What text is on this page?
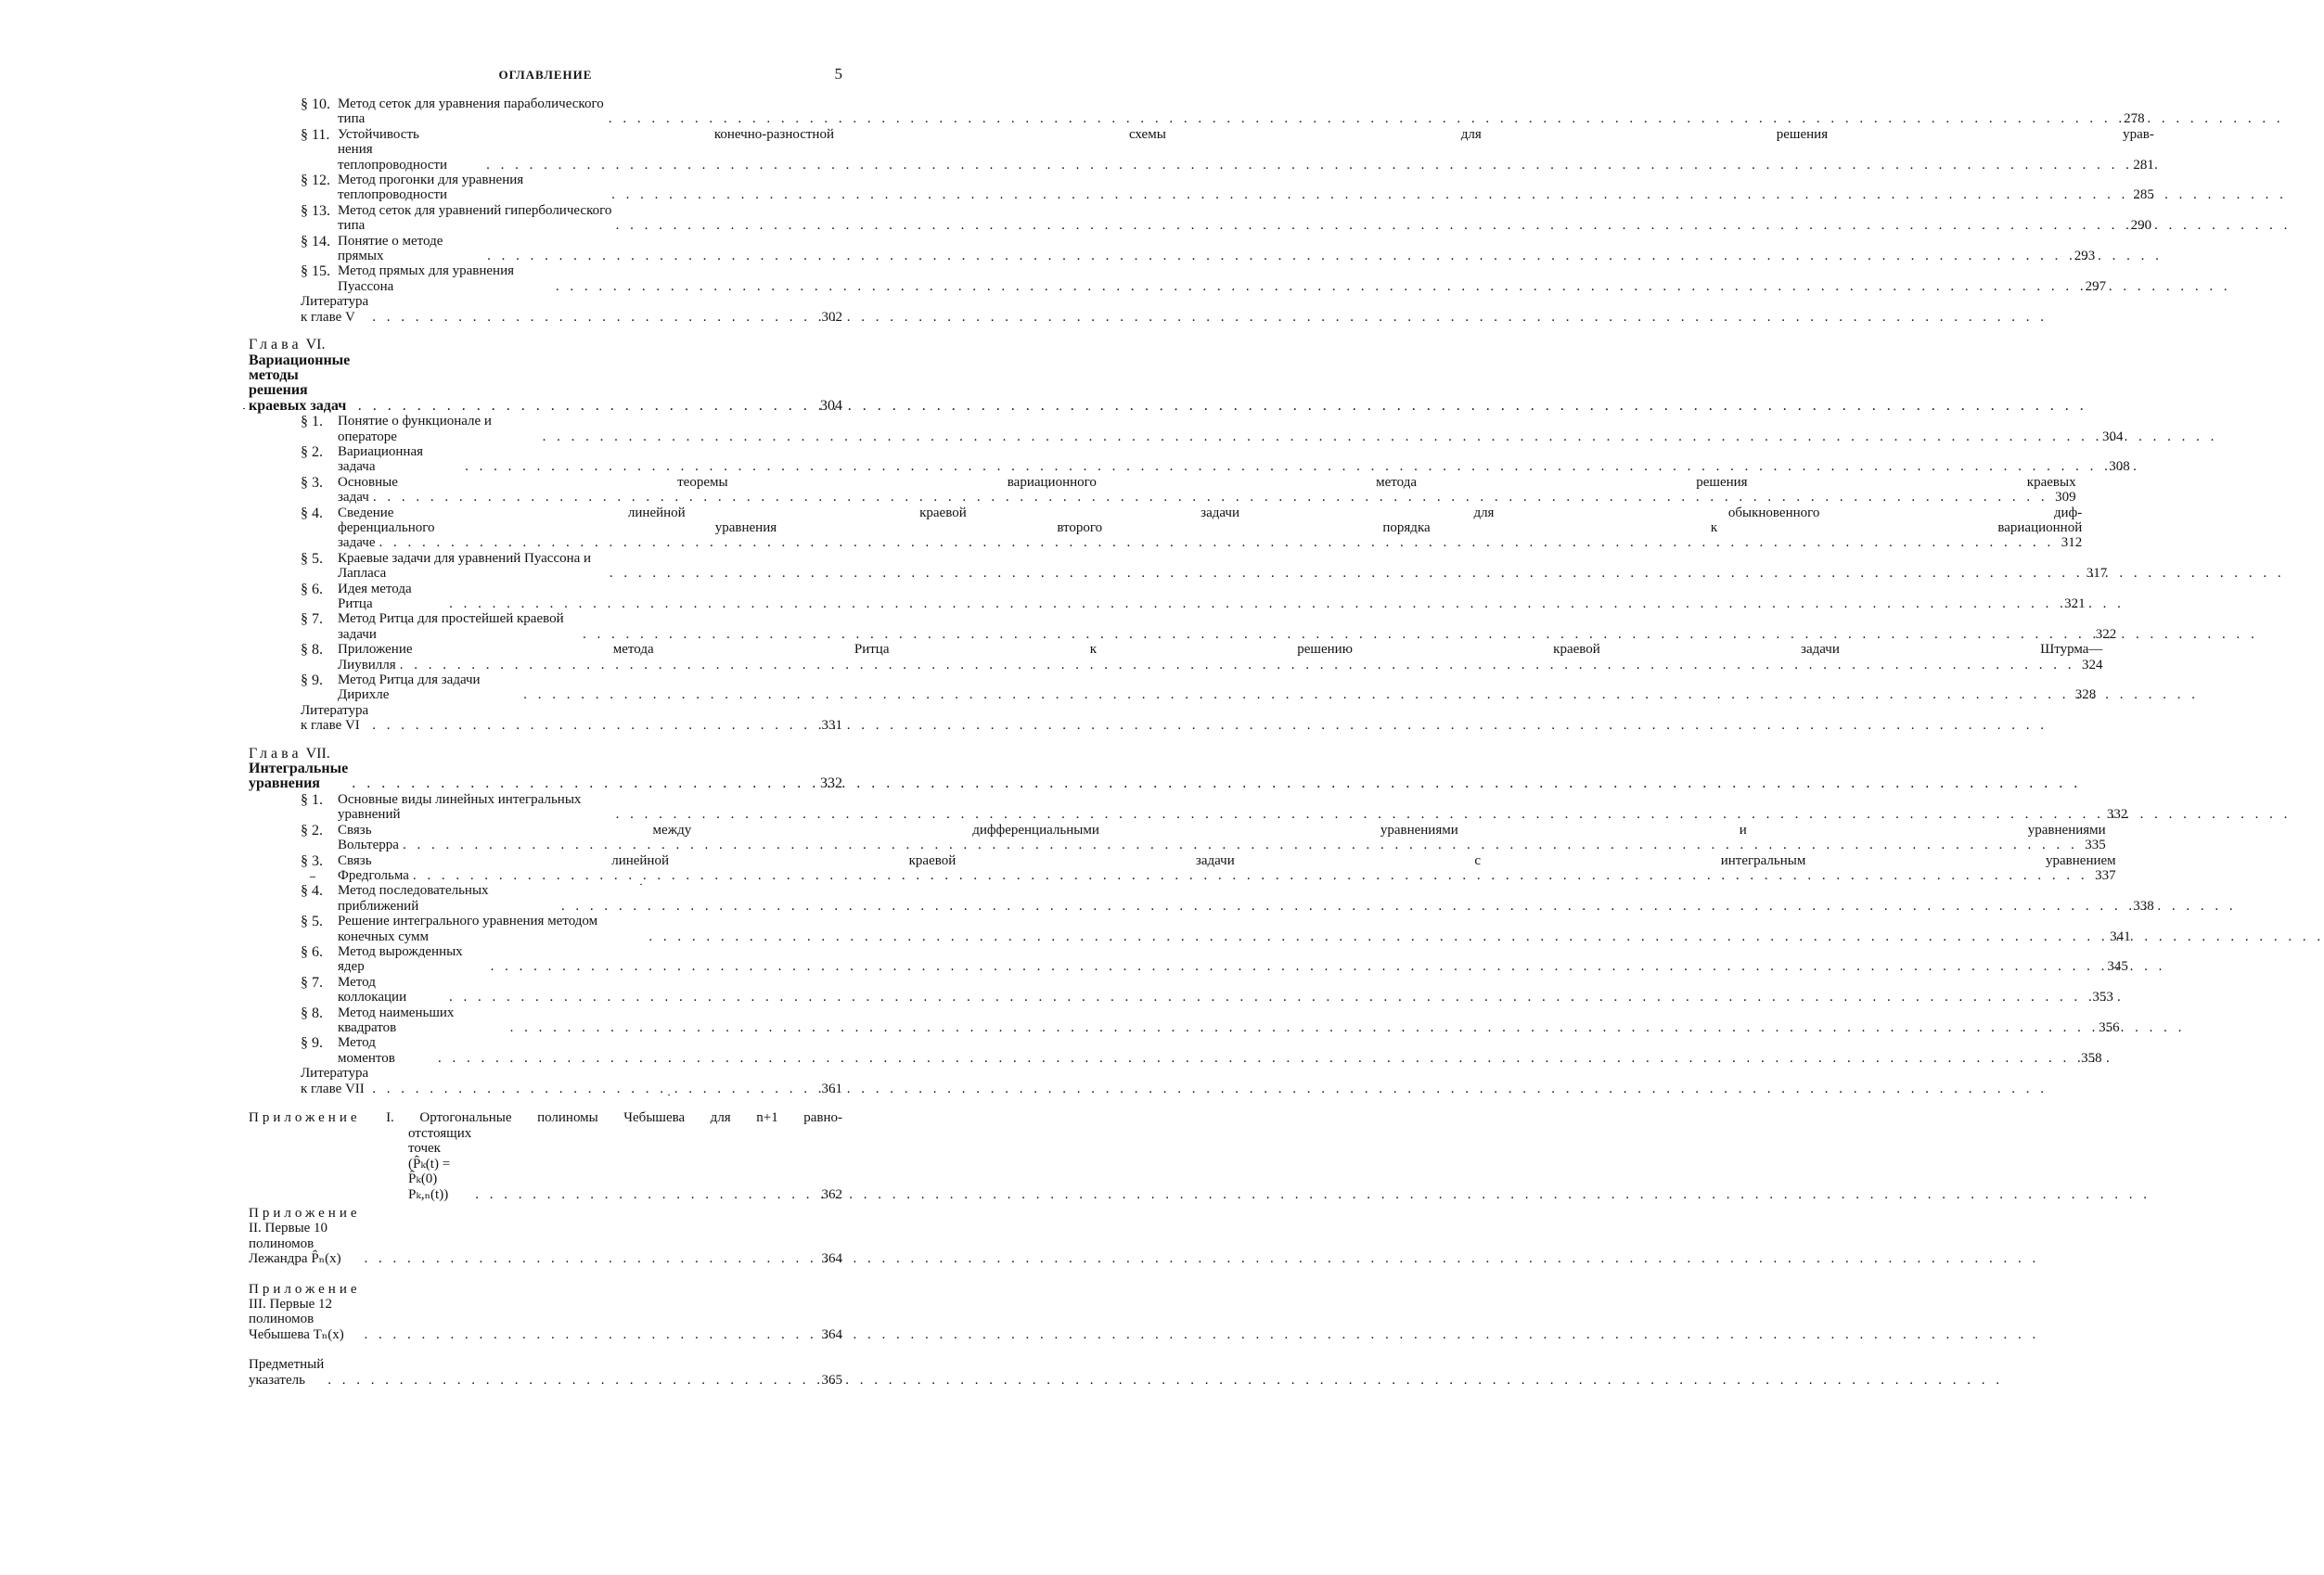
ОГЛАВЛЕНИЕ	5
§ 10. Метод сеток для уравнения параболического типа . . .	278
§ 11. Устойчивость конечно-разностной схемы для решения урав-
нения теплопроводности . . .	281
§ 12. Метод прогонки для уравнения теплопроводности . . .	285
§ 13. Метод сеток для уравнений гиперболического типа . . .	290
§ 14. Понятие о методе прямых . . .	293
§ 15. Метод прямых для уравнения Пуассона . . .	297
Литература к главе V . . .	302
Глава VI. Вариационные методы решения краевых задач . . .	304
§ 1.	Понятие о функционале и операторе . . .	304
§ 2.	Вариационная задача . . .	308
§ 3.	Основные теоремы вариационного метода решения краевых
задач . . .	309
§ 4.	Сведение линейной краевой задачи для обыкновенного диф-
ференциального уравнения второго порядка к вариационной
задаче . . .	312
§ 5.	Краевые задачи для уравнений Пуассона и Лапласа . . .	317
§ 6.	Идея метода Ритца . . .	321
§ 7.	Метод Ритца для простейшей краевой задачи . . .	322
§ 8.	Приложение метода Ритца к решению краевой задачи Штурма—
Лиувилля . . .	324
§ 9.	Метод Ритца для задачи Дирихле . . .	328
Литература к главе VI . . .	331
Глава VII. Интегральные уравнения . . .	332
§ 1.	Основные виды линейных интегральных уравнений . . .	332
§ 2.	Связь между дифференциальными уравнениями и уравнениями
Вольтерра . . .	335
§ 3.	Связь линейной краевой задачи с интегральным уравнением
Фредгольма . . .	337
§ 4.	Метод последовательных приближений . . .	338
§ 5.	Решение интегрального уравнения методом конечных сумм . . .	341
§ 6.	Метод вырожденных ядер . . .	345
§ 7.	Метод коллокации . . .	353
§ 8.	Метод наименьших квадратов . . .	356
§ 9.	Метод моментов . . .	358
Литература к главе VII . . .	361
Приложение I. Ортогональные полиномы Чебышева для n+1 равно-
отстоящих точек (P̂ₖ(t) = P̂ₖ(0) Pₖ,ₙ(t)) . . .	362
Приложение II. Первые 10 полиномов Лежандра P̂ₙ(x) . . .	364
Приложение III. Первые 12 полиномов Чебышева Tₙ(x) . . .	364
Предметный указатель . . .	365
